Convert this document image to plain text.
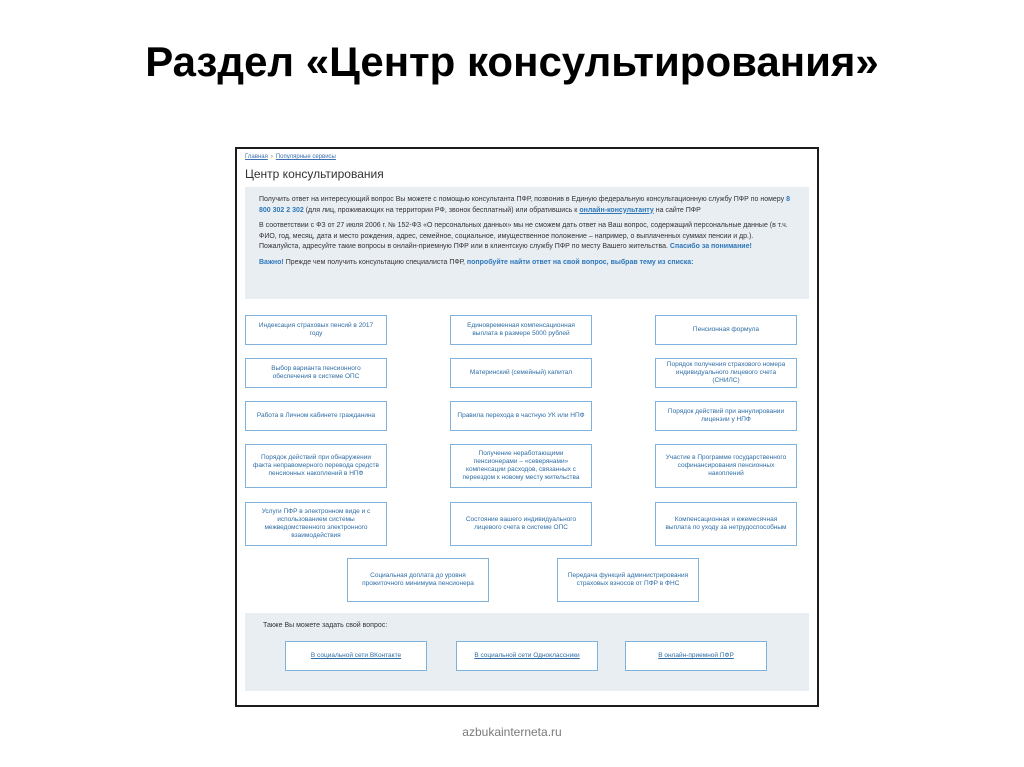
Раздел «Центр консультирования»
Главная › Популярные сервисы
Центр консультирования

Получить ответ на интересующий вопрос Вы можете с помощью консультанта ПФР, позвонив в Единую федеральную консультационную службу ПФР по номеру 8 800 302 2 302 (для лиц, проживающих на территории РФ, звонок бесплатный) или обратившись к онлайн-консультанту на сайте ПФР

В соответствии с ФЗ от 27 июля 2006 г. № 152-ФЗ «О персональных данных» мы не сможем дать ответ на Ваш вопрос, содержащий персональные данные (в т.ч. ФИО, год, месяц, дата и место рождения, адрес, семейное, социальное, имущественное положение – например, о выплаченных суммах пенсии и др.). Пожалуйста, адресуйте такие вопросы в онлайн-приемную ПФР или в клиентскую службу ПФР по месту Вашего жительства. Спасибо за понимание!

Важно! Прежде чем получить консультацию специалиста ПФР, попробуйте найти ответ на свой вопрос, выбрав тему из списка:

Индексация страховых пенсий в 2017 году
Единовременная компенсационная выплата в размере 5000 рублей
Пенсионная формула
Выбор варианта пенсионного обеспечения в системе ОПС
Материнский (семейный) капитал
Порядок получения страхового номера индивидуального лицевого счета (СНИЛС)
Работа в Личном кабинете гражданина	Правила перехода в частную УК или НПФ
Порядок действий при аннулировании лицензии у НПФ
Порядок действий при обнаружении факта неправомерного перевода средств пенсионных накоплений в НПФ
Получение неработающими пенсионерами – «северянами» компенсации расходов, связанных с переездом к новому месту жительства
Участие в Программе государственного софинансирования пенсионных накоплений
Услуги ПФР в электронном виде и с использованием системы межведомственного электронного взаимодействия
Состояние вашего индивидуального лицевого счета в системе ОПС
Компенсационная и ежемесячная выплата по уходу за нетрудоспособным
Социальная доплата до уровня прожиточного минимума пенсионера
Передача функций администрирования страховых взносов от ПФР в ФНС
Также Вы можете задать свой вопрос:
В социальной сети ВКонтакте	В социальной сети Одноклассники	В онлайн-приемной ПФР
azbukainterneta.ru
